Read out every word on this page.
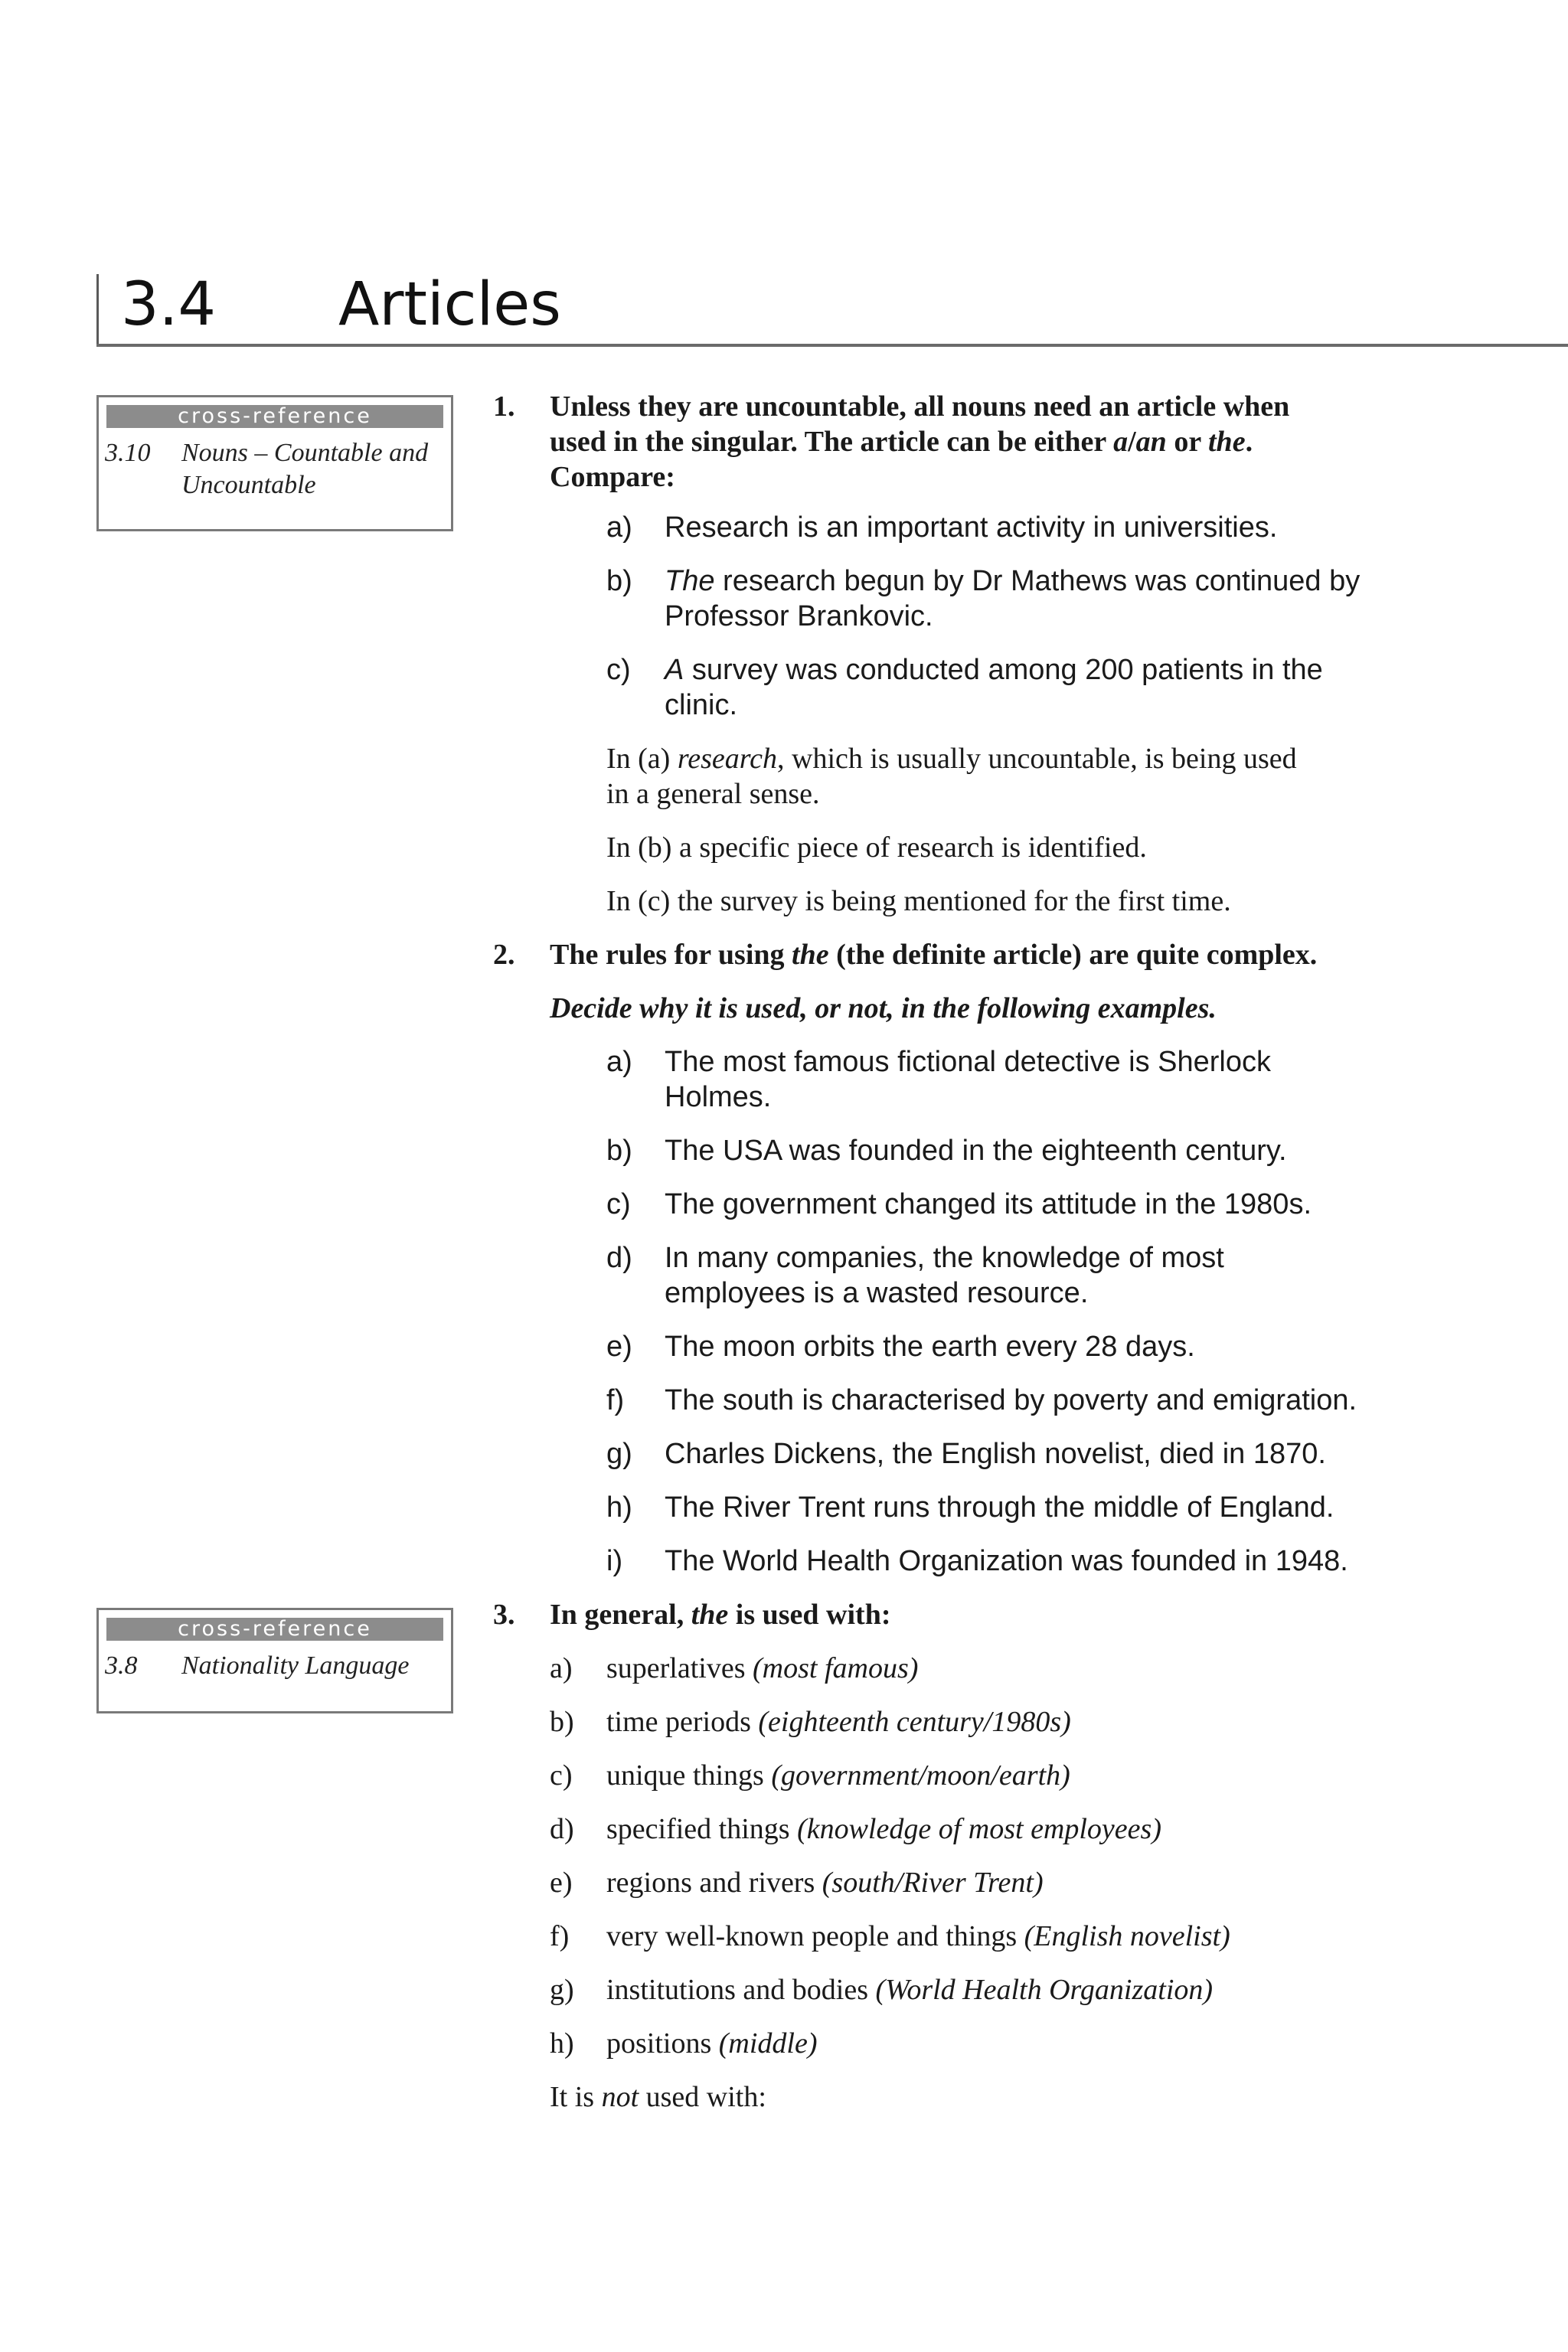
3.4 Articles
cross-reference
3.10 Nouns – Countable and Uncountable
cross-reference
3.8 Nationality Language
1. Unless they are uncountable, all nouns need an article when
used in the singular. The article can be either a/an or the.
Compare:
a) Research is an important activity in universities.
b) The research begun by Dr Mathews was continued by
Professor Brankovic.
c) A survey was conducted among 200 patients in the
clinic.
In (a) research, which is usually uncountable, is being used
in a general sense.
In (b) a specific piece of research is identified.
In (c) the survey is being mentioned for the first time.
2. The rules for using the (the definite article) are quite complex.
Decide why it is used, or not, in the following examples.
a) The most famous fictional detective is Sherlock
Holmes.
b) The USA was founded in the eighteenth century.
c) The government changed its attitude in the 1980s.
d) In many companies, the knowledge of most
employees is a wasted resource.
e) The moon orbits the earth every 28 days.
f) The south is characterised by poverty and emigration.
g) Charles Dickens, the English novelist, died in 1870.
h) The River Trent runs through the middle of England.
i) The World Health Organization was founded in 1948.
3. In general, the is used with:
a) superlatives (most famous)
b) time periods (eighteenth century/1980s)
c) unique things (government/moon/earth)
d) specified things (knowledge of most employees)
e) regions and rivers (south/River Trent)
f) very well-known people and things (English novelist)
g) institutions and bodies (World Health Organization)
h) positions (middle)
It is not used with:
